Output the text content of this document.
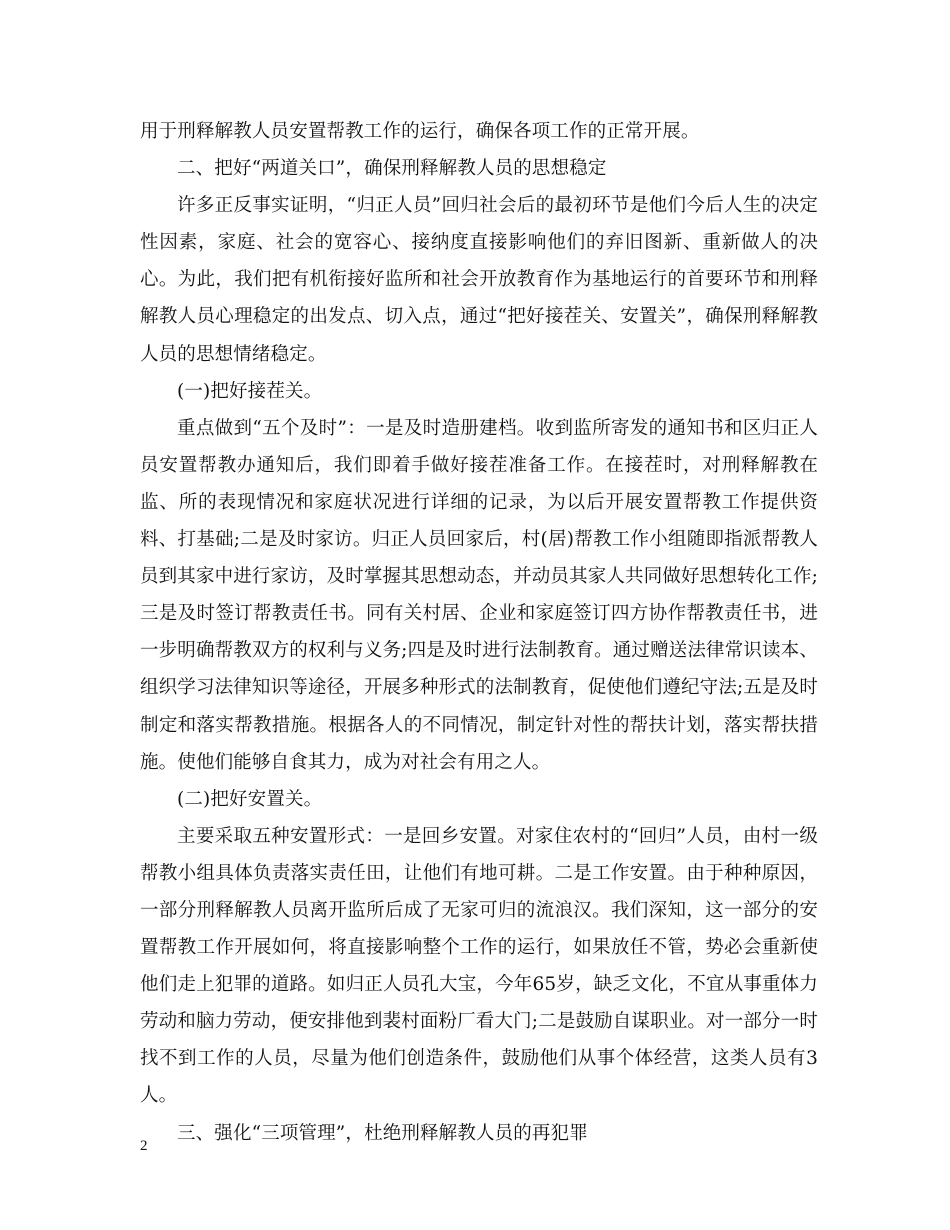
用于刑释解教人员安置帮教工作的运行，确保各项工作的正常开展。

二、把好“两道关口”，确保刑释解教人员的思想稳定

许多正反事实证明，“归正人员”回归社会后的最初环节是他们今后人生的决定性因素，家庭、社会的宽容心、接纳度直接影响他们的弃旧图新、重新做人的决心。为此，我们把有机衔接好监所和社会开放教育作为基地运行的首要环节和刑释解教人员心理稳定的出发点、切入点，通过“把好接茬关、安置关”，确保刑释解教人员的思想情绪稳定。

(一)把好接茬关。

重点做到“五个及时”：一是及时造册建档。收到监所寄发的通知书和区归正人员安置帮教办通知后，我们即着手做好接茬准备工作。在接茬时，对刑释解教在监、所的表现情况和家庭状况进行详细的记录，为以后开展安置帮教工作提供资料、打基础;二是及时家访。归正人员回家后，村(居)帮教工作小组随即指派帮教人员到其家中进行家访，及时掌握其思想动态，并动员其家人共同做好思想转化工作;三是及时签订帮教责任书。同有关村居、企业和家庭签订四方协作帮教责任书，进一步明确帮教双方的权利与义务;四是及时进行法制教育。通过赠送法律常识读本、组织学习法律知识等途径，开展多种形式的法制教育，促使他们遵纪守法;五是及时制定和落实帮教措施。根据各人的不同情况，制定针对性的帮扶计划，落实帮扶措施。使他们能够自食其力，成为对社会有用之人。

(二)把好安置关。

主要采取五种安置形式：一是回乡安置。对家住农村的“回归”人员，由村一级帮教小组具体负责落实责任田，让他们有地可耕。二是工作安置。由于种种原因，一部分刑释解教人员离开监所后成了无家可归的流浪汉。我们深知，这一部分的安置帮教工作开展如何，将直接影响整个工作的运行，如果放任不管，势必会重新使他们走上犯罪的道路。如归正人员孔大宝，今年65岁，缺乏文化，不宜从事重体力劳动和脑力劳动，便安排他到裴村面粉厂看大门;二是鼓励自谋职业。对一部分一时找不到工作的人员，尽量为他们创造条件，鼓励他们从事个体经营，这类人员有3人。

三、强化“三项管理”，杜绝刑释解教人员的再犯罪

2
